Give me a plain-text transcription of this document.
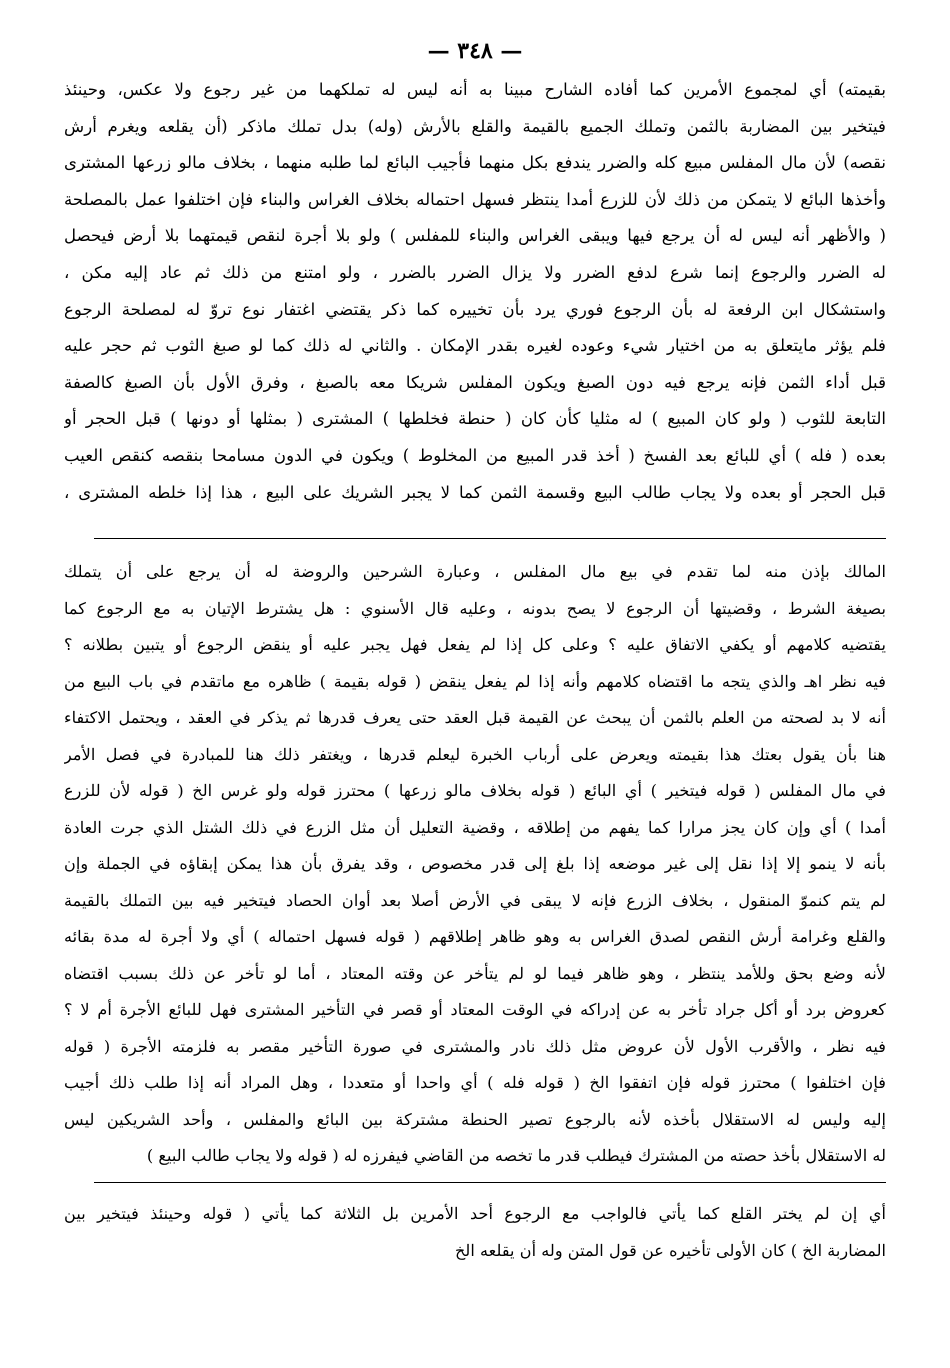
— ٣٤٨ —
بقيمته) أي لمجموع الأمرين كما أفاده الشارح مبينا به أنه ليس له تملكهما من غير رجوع ولا عكس، وحينئذ
فيتخير بين المضاربة بالثمن وتملك الجميع بالقيمة والقلع بالأرش (وله) بدل تملك ماذكر (أن يقلعه ويغرم أرش
نقصه) لأن مال المفلس مبيع كله والضرر يندفع بكل منهما فأجيب البائع لما طلبه منهما ، بخلاف مالو زرعها المشترى
وأخذها البائع لا يتمكن من ذلك لأن للزرع أمدا ينتظر فسهل احتماله بخلاف الغراس والبناء فإن اختلفوا عمل بالمصلحة
( والأظهر أنه ليس له أن يرجع فيها ويبقى الغراس والبناء للمفلس ) ولو بلا أجرة لنقص قيمتهما بلا أرض فيحصل
له الضرر والرجوع إنما شرع لدفع الضرر ولا يزال الضرر بالضرر ، ولو امتنع من ذلك ثم عاد إليه مكن ،
واستشكال ابن الرفعة له بأن الرجوع فوري يرد بأن تخييره كما ذكر يقتضي اغتفار نوع تروّ له لمصلحة الرجوع
فلم يؤثر مايتعلق به من اختيار شيء وعوده لغيره بقدر الإمكان . والثاني له ذلك كما لو صبغ الثوب ثم حجر عليه
قبل أداء الثمن فإنه يرجع فيه دون الصبغ ويكون المفلس شريكا معه بالصبغ ، وفرق الأول بأن الصبغ كالصفة
التابعة للثوب ( ولو كان المبيع ) له مثليا كأن كان ( حنطة فخلطها ) المشترى ( بمثلها أو دونها ) قبل الحجر أو
بعده ( فله ) أي للبائع بعد الفسخ ( أخذ قدر المبيع من المخلوط ) ويكون في الدون مسامحا بنقصه كنقص العيب
قبل الحجر أو بعده ولا يجاب طالب البيع وقسمة الثمن كما لا يجبر الشريك على البيع ، هذا إذا خلطه المشترى ،
المالك بإذن منه لما تقدم في بيع مال المفلس ، وعبارة الشرحين والروضة له أن يرجع على أن يتملك
بصيغة الشرط ، وقضيتها أن الرجوع لا يصح بدونه ، وعليه قال الأسنوي : هل يشترط الإتيان به مع الرجوع كما
يقتضيه كلامهم أو يكفي الاتفاق عليه ؟ وعلى كل إذا لم يفعل فهل يجبر عليه أو ينقض الرجوع أو يتبين بطلانه ؟
فيه نظر اهـ والذي يتجه ما اقتضاه كلامهم وأنه إذا لم يفعل ينقض ( قوله بقيمة ) ظاهره مع ماتقدم في باب البيع من
أنه لا بد لصحته من العلم بالثمن أن يبحث عن القيمة قبل العقد حتى يعرف قدرها ثم يذكر في العقد ، ويحتمل الاكتفاء
هنا بأن يقول بعتك هذا بقيمته ويعرض على أرباب الخبرة ليعلم قدرها ، ويغتفر ذلك هنا للمبادرة في فصل الأمر
في مال المفلس ( قوله فيتخير ) أي البائع ( قوله بخلاف مالو زرعها ) محترز قوله ولو غرس الخ ( قوله لأن للزرع
أمدا ) أي وإن كان يجز مرارا كما يفهم من إطلاقه ، وقضية التعليل أن مثل الزرع في ذلك الشتل الذي جرت العادة
بأنه لا ينمو إلا إذا نقل إلى غير موضعه إذا بلغ إلى قدر مخصوص ، وقد يفرق بأن هذا يمكن إبقاؤه في الجملة وإن
لم يتم كنموّ المنقول ، بخلاف الزرع فإنه لا يبقى في الأرض أصلا بعد أوان الحصاد فيتخير فيه بين التملك بالقيمة
والقلع وغرامة أرش النقص لصدق الغراس به وهو ظاهر إطلاقهم ( قوله فسهل احتماله ) أي ولا أجرة له مدة بقائه
لأنه وضع بحق وللأمد ينتظر ، وهو ظاهر فيما لو لم يتأخر عن وقته المعتاد ، أما لو تأخر عن ذلك بسبب اقتضاه
كعروض برد أو أكل جراد تأخر به عن إدراكه في الوقت المعتاد أو قصر في التأخير المشترى فهل للبائع الأجرة أم لا ؟
فيه نظر ، والأقرب الأول لأن عروض مثل ذلك نادر والمشترى في صورة التأخير مقصر به فلزمته الأجرة ( قوله
فإن اختلفوا ) محترز قوله فإن اتفقوا الخ ( قوله فله ) أي واحدا أو متعددا ، وهل المراد أنه إذا طلب ذلك أجيب
إليه وليس له الاستقلال بأخذه لأنه بالرجوع تصير الحنطة مشتركة بين البائع والمفلس ، وأحد الشريكين ليس
له الاستقلال بأخذ حصته من المشترك فيطلب قدر ما تخصه من القاضي فيفرزه له ( قوله ولا يجاب طالب البيع )
أي إن لم يختر القلع كما يأتي فالواجب مع الرجوع أحد الأمرين بل الثلاثة كما يأتي ( قوله وحينئذ فيتخير بين
المضاربة الخ ) كان الأولى تأخيره عن قول المتن وله أن يقلعه الخ
